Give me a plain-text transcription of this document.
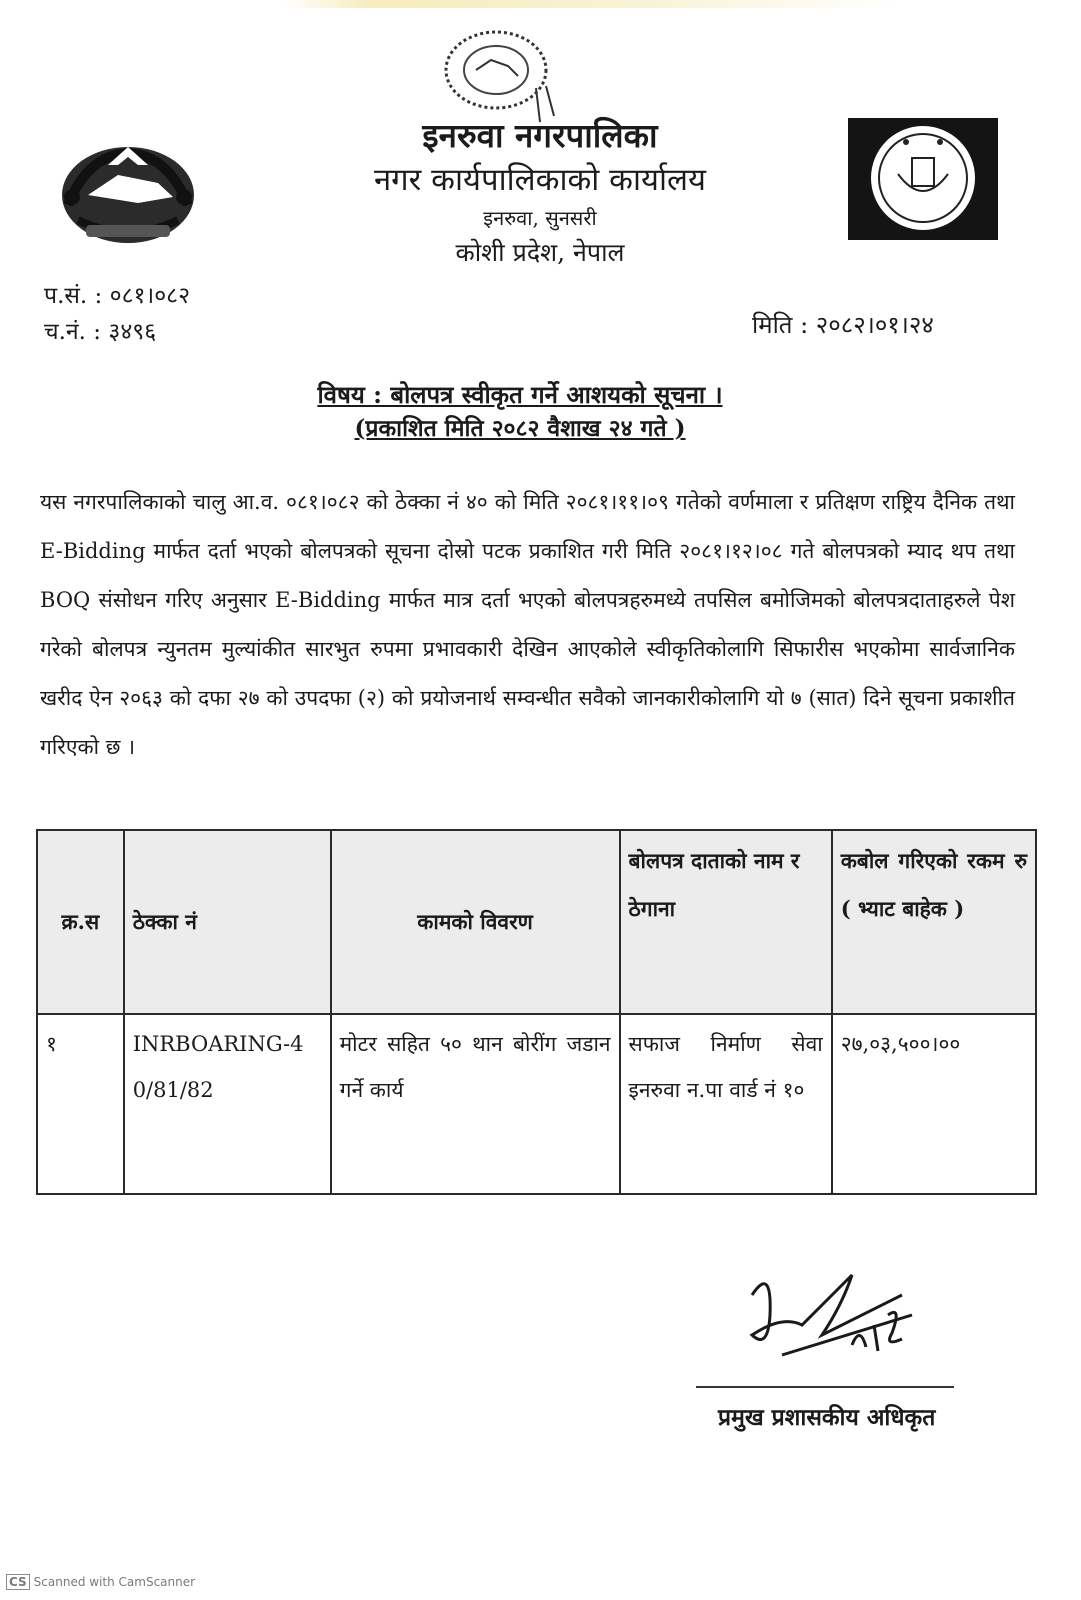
इनरुवा नगरपालिका
नगर कार्यपालिकाको कार्यालय
इनरुवा, सुनसरी
कोशी प्रदेश, नेपाल
प.सं. : ०८१।०८२
च.नं. : ३४९६	मिति : २०८२।०१।२४
विषय : बोलपत्र स्वीकृत गर्ने आशयको सूचना ।
(प्रकाशित मिति २०८२ वैशाख २४ गते )
यस नगरपालिकाको चालु आ.व. ०८१।०८२ को ठेक्का नं ४० को मिति २०८१।११।०९ गतेको वर्णमाला र प्रतिक्षण राष्ट्रिय दैनिक तथा E-Bidding मार्फत दर्ता भएको बोलपत्रको सूचना दोस्रो पटक प्रकाशित गरी मिति २०८१।१२।०८ गते बोलपत्रको म्याद थप तथा BOQ संसोधन गरिए अनुसार E-Bidding मार्फत मात्र दर्ता भएको बोलपत्रहरुमध्ये तपसिल बमोजिमको बोलपत्रदाताहरुले पेश गरेको बोलपत्र न्युनतम मुल्यांकीत सारभुत रुपमा प्रभावकारी देखिन आएकोले स्वीकृतिकोलागि सिफारीस भएकोमा सार्वजानिक खरीद ऐन २०६३ को दफा २७ को उपदफा (२) को प्रयोजनार्थ सम्वन्धीत सवैको जानकारीकोलागि यो ७ (सात) दिने सूचना प्रकाशीत गरिएको छ ।
क्र.स	ठेक्का नं	कामको विवरण	बोलपत्र दाताको नाम र ठेगाना	कबोल गरिएको रकम रु ( भ्याट बाहेक )
१	INRBOARING-40/81/82	मोटर सहित ५० थान बोरींग जडान गर्ने कार्य	सफाज निर्माण सेवा इनरुवा न.पा वार्ड नं १०	२७,०३,५००।००
प्रमुख प्रशासकीय अधिकृत
CS Scanned with CamScanner
